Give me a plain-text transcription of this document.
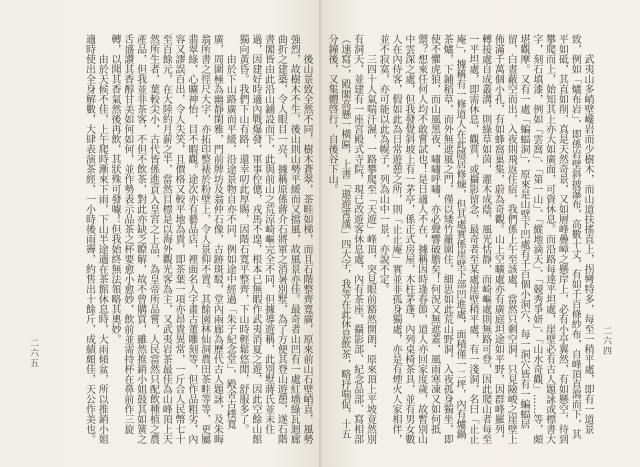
後山景致全然不同，樹木蒼翠，茶畦如梯，而且石階整齊寬廣，原來前山石壁峭直，風勢強烈，故樹木不生，後山則山勢平緩而又擋風，故風景亦佳。最奇者山凹有一處紅墻綠瓦迴廊曲折之建築，令人眼目一亮，據稱原係蔣介石將軍之消暑別墅，為了方便其登山遊憩，遂石階書閣皆由此沿山鋪設而下，此與前山之荒涼崎嶇完全不同，但據導遊稱，此別墅蔣氏並未住過，因建好時適內戰爆發，軍事倥傯，戎馬不遑，根本已無暇作武夷消夏之遊，因此空餘山館獨向黃昏。我們下山有路，還幸叨此厚賜，因階石寬平整齊，下山時輕鬆悠閒，舒服多了。

由於下山路廣而平緩，沿途景物自亦不同，例如途中經過「朱子紀念堂」，殿舍古樸寬廣，周圍極為幽靜閑雅，門前牌坊及翁仲石像，古跡斑駁，堂內兩廊為歷代古人題詠，及朱晦翁所書之徑尺大字，亦拓印整裱於粉壁上，令人景仰不置。其餘園林仙洞農田茶畦等等，更屬翡翠綠，心曠神怡，目不暇觀。途次亦有藝品店，裡面名人字畫古董雕刻等，但作品粗劣，內容又謬誤百出，令人失笑，且價格又較平地為貴，即茶葉一項亦昂貴異常，一斤合人民幣七十至百餘元，在大陸約月薪之半，當然目標是以海外觀光客為主，又武夷岩茶最佳為山峰頂上天然所生者，葉較尖小，古代皆係進貢入皇宮之上品，為皇帝所品嘗，人民當然只配飲種植之農產品，但我並非茶客，不但不飲茶，對此亦缺乏瞭解，故不曾購買，雖然推銷小姐鼓其如簧之舌盛讚其香醇甘美如何如何，並作勢表示品茶之杯要愈小愈妙，飲前並需持杯在鼻前作三旋轉，以聞其香氣然後再飲，其狀殊可發噱！但我始終無法領略其奧妙。

由於天候不佳，上午爬時漸來下雨，下山半途適在茶館休息時，大雨傾盆，所以推銷小姐適時使出全身解數，大肆表演茶經，一小時後雨霽，約售出十餘斤，成績頗佳，天公作美也。

二六五	武夷山多峭壁巉岩而少樹木，而山道扶搖直上，拐彎特多，每至一稍平處，即有一道景致，例如「爐布岩」，即係岩壁斜披瀑布，高數十丈，有如千百條紗布，自峰頂直瀉而下，其平如砥，其直如削，真是天然奇景，又如層峰疊嶂之懸岸上，必有小亭翼然，有如懸空，待到攀爬而上，始知其上亦大如廣面，可資休息。而沿路每達平坦處，崖壁必有古人題詠或標書大字，刻石填漆，例如「雲窩」、「第一山」、「縱地滴天」、「競秀爭妍」、「山水奇觀」……等，頗堪觀摩。又有一處「蝙蝠洞」，原來是山壁下凹處有千百個小洞穴，每一洞穴皆有一蝙蝠居留，白晝蔽空而出，入夜則飛返住宿，我們係上午至該處，當然只剩空洞，只見險峻之崖壁上佈滿千萬個小孔，有如蜂窩巢集，蔚為奇觀。山上空曠處亦有廣庭坦途如平野，因群峰羅列，轉接處自成叢溝，則綠草如茵，灌木成蔭，風光恬靜，而崎嶇處則無路可登，因此爬山者每至一平坦處，即需休息，觀賞，或攝影留念，最奇者至某處崖壁稍平處，有一淺洞，名曰「止止庵」，據稱有一修道人在此隱居修煉，但其處實係崖壁下部凹進處，面積僅一二坪，內有爐鍋茶爐，下鋪稻草，而外無遮風之門，僅以矮竹籬圍住，細思如此荒山野洞，入夜孤身獨坐，即使不懼虎狼，而山風黑夜，嘯嘯呼嘯，亦必聲響破膽矣！何況又無遮蓋，風雨寒凍又如何抵禦？想來任何人均不敢嘗試也！是日適人不在，據稱因時逢春節，道人亦回家度歲，故暫別山中雲深之處，但我發覺斜坡上有一茅亭，係正式房屋，木柱茅蓬，內列桌椅茶具，並有男女數人在內侍客，假如此為日常遊憩之所，則「止止庵」實並非孤身獨處，亦是有煙火人家相伴，並不寂寞，亦可能以此為幌子，列為山中一景，亦說不定。

三四十人氣喘汗濕，一路攀爬至「天遊」峰頂，突見眼前豁然開朗，原來頂上平坡竟然別有洞天，並建有一座宮殿式寺院，現已改遊客休息處，內有茶座、攝影部、紀念品部、寫相部（速寫），殿閣高懸一橫匾，上書「遨遊霄漢」四大字，我等在此休息飲茶，略抒喘促，十五分鐘後，又集體啓行，自後谷下山。

二六四
